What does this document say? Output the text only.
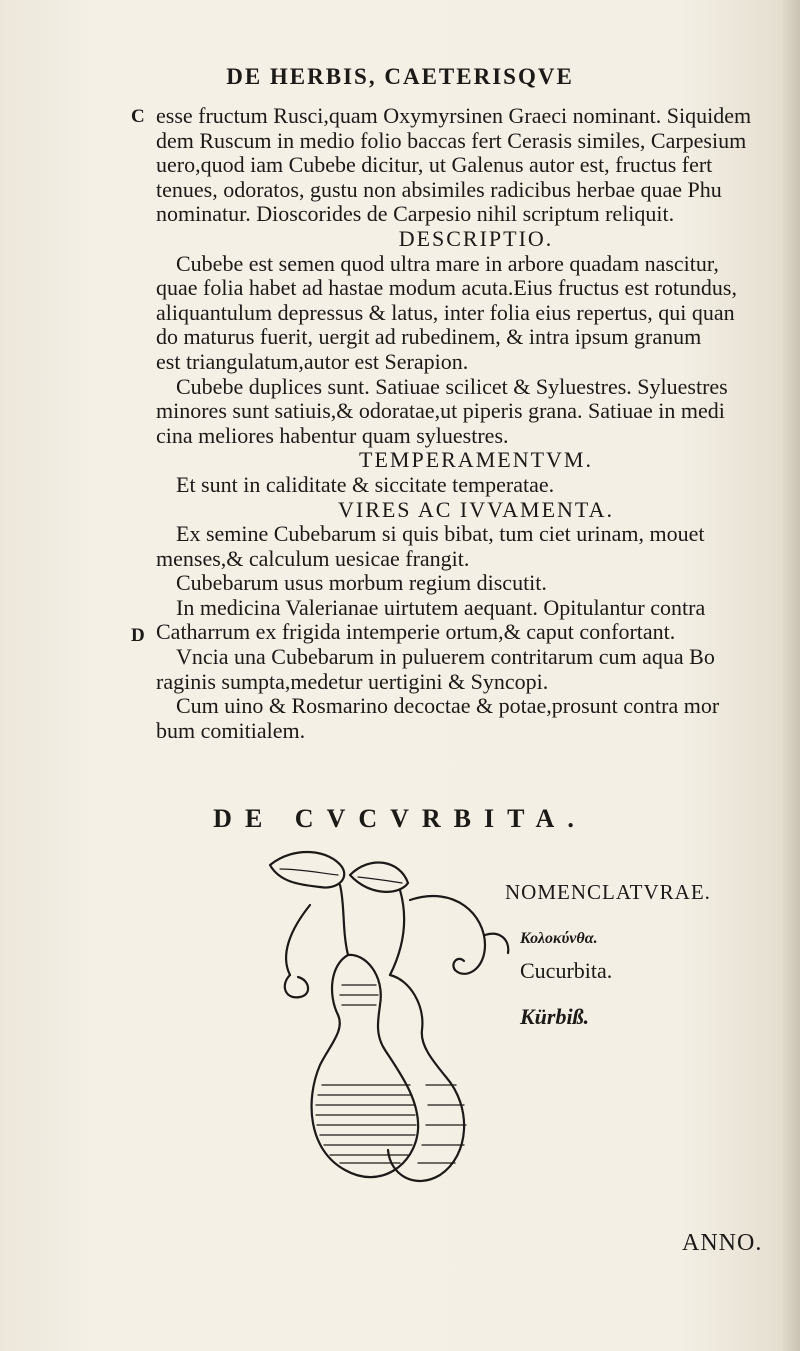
DE HERBIS, CAETERISQVE
C
D
esse fructum Rusci,quam Oxymyrsinen Graeci nominant. Siquidem
dem Ruscum in medio folio baccas fert Cerasis similes, Carpesium
uero,quod iam Cubebe dicitur, ut Galenus autor est, fructus fert
tenues, odoratos, gustu non absimiles radicibus herbae quae Phu
nominatur. Dioscorides de Carpesio nihil scriptum reliquit.
DESCRIPTIO.
Cubebe est semen quod ultra mare in arbore quadam nascitur,
quae folia habet ad hastae modum acuta.Eius fructus est rotundus,
aliquantulum depressus & latus, inter folia eius repertus, qui quan
do maturus fuerit, uergit ad rubedinem, & intra ipsum granum
est triangulatum,autor est Serapion.
Cubebe duplices sunt. Satiuae scilicet & Syluestres. Syluestres
minores sunt satiuis,& odoratae,ut piperis grana. Satiuae in medi
cina meliores habentur quam syluestres.
TEMPERAMENTVM.
Et sunt in caliditate & siccitate temperatae.
VIRES AC IVVAMENTA.
Ex semine Cubebarum si quis bibat, tum ciet urinam, mouet
menses,& calculum uesicae frangit.
Cubebarum usus morbum regium discutit.
In medicina Valerianae uirtutem aequant. Opitulantur contra
Catharrum ex frigida intemperie ortum,& caput confortant.
Vncia una Cubebarum in puluerem contritarum cum aqua Bo
raginis sumpta,medetur uertigini & Syncopi.
Cum uino & Rosmarino decoctae & potae,prosunt contra mor
bum comitialem.
DE CVCVRBITA.
NOMENCLATVRAE.
Κολοκύνθα.
Cucurbita.
Kürbiß.
ANNO.
